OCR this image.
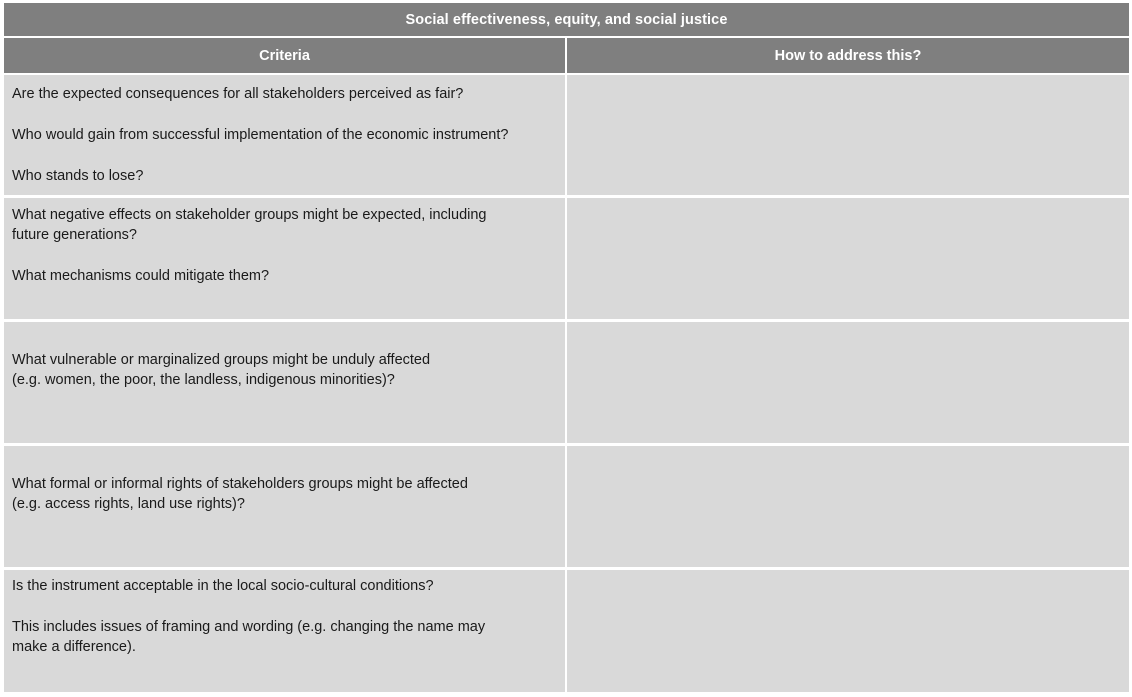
Social effectiveness, equity, and social justice
Criteria	How to address this?

Are the expected consequences for all stakeholders perceived as fair?

Who would gain from successful implementation of the economic instrument?

Who stands to lose?

What negative effects on stakeholder groups might be expected, including
future generations?

What mechanisms could mitigate them?

What vulnerable or marginalized groups might be unduly affected
(e.g. women, the poor, the landless, indigenous minorities)?

What formal or informal rights of stakeholders groups might be affected
(e.g. access rights, land use rights)?

Is the instrument acceptable in the local socio-cultural conditions?

This includes issues of framing and wording (e.g. changing the name may
make a difference).
